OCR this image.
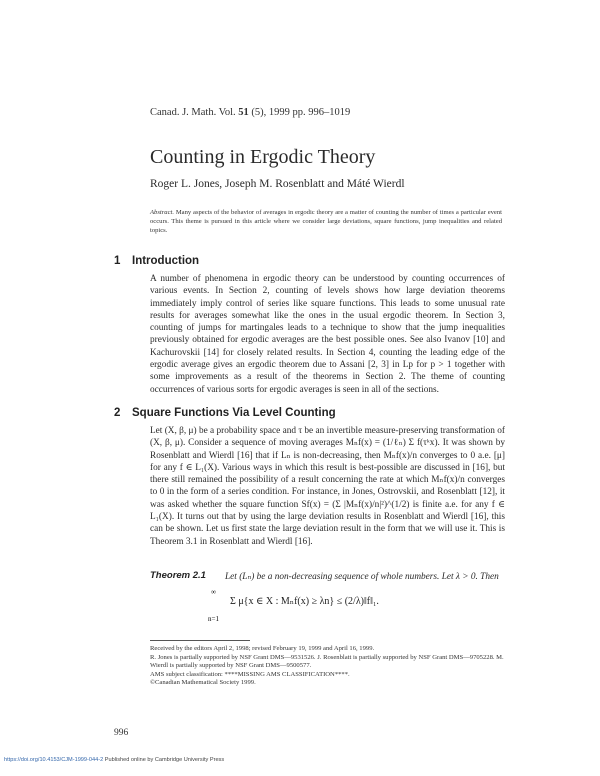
Canad. J. Math. Vol. 51 (5), 1999 pp. 996–1019
Counting in Ergodic Theory
Roger L. Jones, Joseph M. Rosenblatt and Máté Wierdl
Abstract. Many aspects of the behavior of averages in ergodic theory are a matter of counting the number of times a particular event occurs. This theme is pursued in this article where we consider large deviations, square functions, jump inequalities and related topics.
1 Introduction
A number of phenomena in ergodic theory can be understood by counting occurrences of various events. In Section 2, counting of levels shows how large deviation theorems immediately imply control of series like square functions. This leads to some unusual rate results for averages somewhat like the ones in the usual ergodic theorem. In Section 3, counting of jumps for martingales leads to a technique to show that the jump inequalities previously obtained for ergodic averages are the best possible ones. See also Ivanov [10] and Kachurovskii [14] for closely related results. In Section 4, counting the leading edge of the ergodic average gives an ergodic theorem due to Assani [2, 3] in Lp for p > 1 together with some improvements as a result of the theorems in Section 2. The theme of counting occurrences of various sorts for ergodic averages is seen in all of the sections.
2 Square Functions Via Level Counting
Let (X, β, μ) be a probability space and τ be an invertible measure-preserving transformation of (X, β, μ). Consider a sequence of moving averages Mₙf(x) = (1/ℓₙ) Σ f(τᵏx). It was shown by Rosenblatt and Wierdl [16] that if Lₙ is non-decreasing, then Mₙf(x)/n converges to 0 a.e. [μ] for any f ∈ L₁(X). Various ways in which this result is best-possible are discussed in [16], but there still remained the possibility of a result concerning the rate at which Mₙf(x)/n converges to 0 in the form of a series condition. For instance, in Jones, Ostrovskii, and Rosenblatt [12], it was asked whether the square function Sf(x) = (Σ |Mₙf(x)/n|²)^(1/2) is finite a.e. for any f ∈ L₁(X). It turns out that by using the large deviation results in Rosenblatt and Wierdl [16], this can be shown. Let us first state the large deviation result in the form that we will use it. This is Theorem 3.1 in Rosenblatt and Wierdl [16].
Theorem 2.1 Let (Lₙ) be a non-decreasing sequence of whole numbers. Let λ > 0. Then
Σ μ{x ∈ X : Mₙf(x) ≥ λn} ≤ (2/λ)‖f‖₁.
∞
n=1
Received by the editors April 2, 1998; revised February 19, 1999 and April 16, 1999.
R. Jones is partially supported by NSF Grant DMS—9531526. J. Rosenblatt is partially supported by NSF Grant DMS—9705228. M. Wierdl is partially supported by NSF Grant DMS—9500577.
AMS subject classification: ****MISSING AMS CLASSIFICATION****.
©Canadian Mathematical Society 1999.
996
https://doi.org/10.4153/CJM-1999-044-2 Published online by Cambridge University Press
